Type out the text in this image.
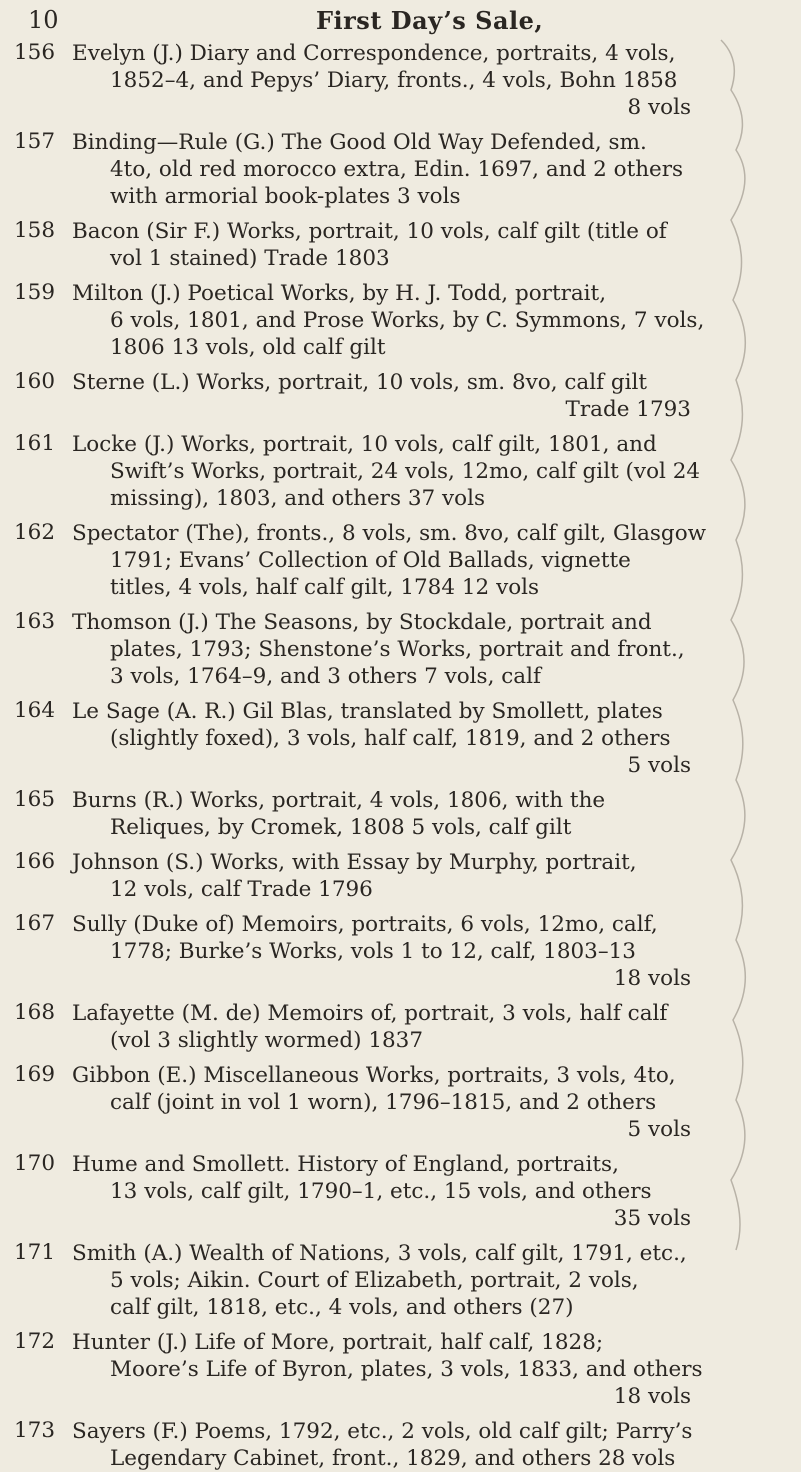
10	First Day’s Sale,
156 Evelyn (J.) Diary and Correspondence, portraits, 4 vols,
1852–4, and Pepys’ Diary, fronts., 4 vols, Bohn 1858
8 vols
157 Binding—Rule (G.) The Good Old Way Defended, sm.
4to, old red morocco extra, Edin. 1697, and 2 others
with armorial book-plates 3 vols
158 Bacon (Sir F.) Works, portrait, 10 vols, calf gilt (title of
vol 1 stained) Trade 1803
159 Milton (J.) Poetical Works, by H. J. Todd, portrait,
6 vols, 1801, and Prose Works, by C. Symmons, 7 vols,
1806 13 vols, old calf gilt
160 Sterne (L.) Works, portrait, 10 vols, sm. 8vo, calf gilt
Trade 1793
161 Locke (J.) Works, portrait, 10 vols, calf gilt, 1801, and
Swift’s Works, portrait, 24 vols, 12mo, calf gilt (vol 24
missing), 1803, and others 37 vols
162 Spectator (The), fronts., 8 vols, sm. 8vo, calf gilt, Glasgow
1791; Evans’ Collection of Old Ballads, vignette
titles, 4 vols, half calf gilt, 1784 12 vols
163 Thomson (J.) The Seasons, by Stockdale, portrait and
plates, 1793; Shenstone’s Works, portrait and front.,
3 vols, 1764–9, and 3 others 7 vols, calf
164 Le Sage (A. R.) Gil Blas, translated by Smollett, plates
(slightly foxed), 3 vols, half calf, 1819, and 2 others
5 vols
165 Burns (R.) Works, portrait, 4 vols, 1806, with the
Reliques, by Cromek, 1808 5 vols, calf gilt
166 Johnson (S.) Works, with Essay by Murphy, portrait,
12 vols, calf Trade 1796
167 Sully (Duke of) Memoirs, portraits, 6 vols, 12mo, calf,
1778; Burke’s Works, vols 1 to 12, calf, 1803–13
18 vols
168 Lafayette (M. de) Memoirs of, portrait, 3 vols, half calf
(vol 3 slightly wormed) 1837
169 Gibbon (E.) Miscellaneous Works, portraits, 3 vols, 4to,
calf (joint in vol 1 worn), 1796–1815, and 2 others
5 vols
170 Hume and Smollett. History of England, portraits,
13 vols, calf gilt, 1790–1, etc., 15 vols, and others
35 vols
171 Smith (A.) Wealth of Nations, 3 vols, calf gilt, 1791, etc.,
5 vols; Aikin. Court of Elizabeth, portrait, 2 vols,
calf gilt, 1818, etc., 4 vols, and others (27)
172 Hunter (J.) Life of More, portrait, half calf, 1828;
Moore’s Life of Byron, plates, 3 vols, 1833, and others
18 vols
173 Sayers (F.) Poems, 1792, etc., 2 vols, old calf gilt; Parry’s
Legendary Cabinet, front., 1829, and others 28 vols
